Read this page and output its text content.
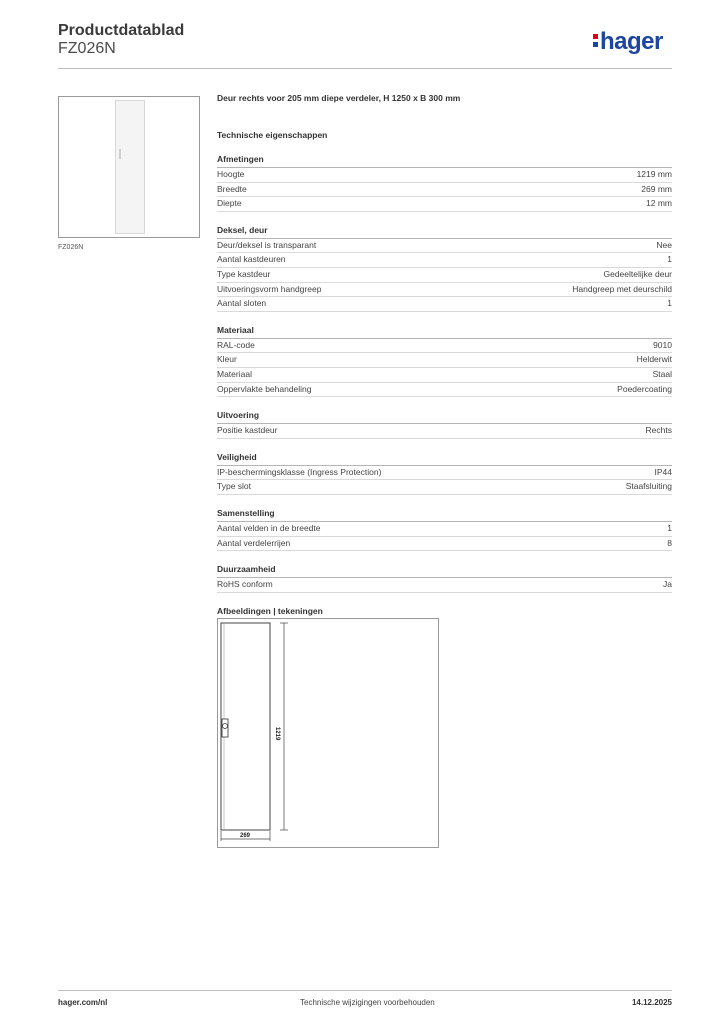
Productdatablad
FZ026N	hager
FZ026N
Deur rechts voor 205 mm diepe verdeler, H 1250 x B 300 mm
Technische eigenschappen
Afmetingen
Hoogte	1219 mm
Breedte	269 mm
Diepte	12 mm
Deksel, deur
Deur/deksel is transparant	Nee
Aantal kastdeuren	1
Type kastdeur	Gedeeltelijke deur
Uitvoeringsvorm handgreep	Handgreep met deurschild
Aantal sloten	1
Materiaal
RAL-code	9010
Kleur	Helderwit
Materiaal	Staal
Oppervlakte behandeling	Poedercoating
Uitvoering
Positie kastdeur	Rechts
Veiligheid
IP-beschermingsklasse (Ingress Protection)	IP44
Type slot	Staafsluiting
Samenstelling
Aantal velden in de breedte	1
Aantal verdelerrijen	8
Duurzaamheid
RoHS conform	Ja
Afbeeldingen | tekeningen
1219
269
hager.com/nl	Technische wijzigingen voorbehouden	14.12.2025
